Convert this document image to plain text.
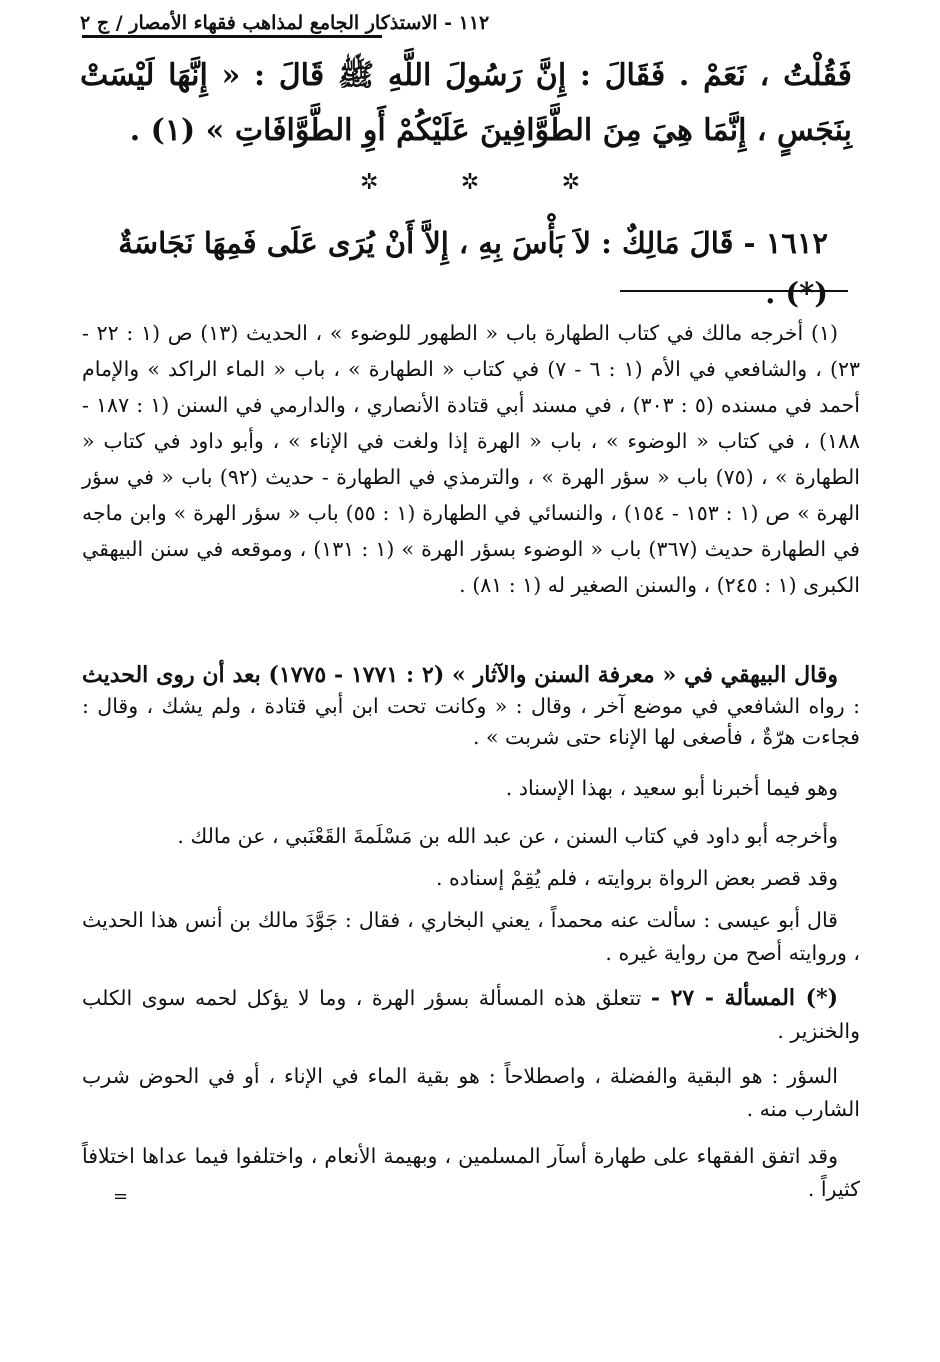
١١٢ - الاستذكار الجامع لمذاهب فقهاء الأمصار / ج ٢
فَقُلْتُ ، نَعَمْ . فَقَالَ : إِنَّ رَسُولَ اللَّهِ ﷺ قَالَ : « إِنَّهَا لَيْسَتْ بِنَجَسٍ ، إِنَّمَا هِيَ مِنَ الطَّوَّافِينَ عَلَيْكُمْ أَوِ الطَّوَّافَاتِ » (١) .
✲	✲	✲
١٦١٢ - قَالَ مَالِكٌ : لاَ بَأْسَ بِهِ ، إِلاَّ أَنْ يُرَى عَلَى فَمِهَا نَجَاسَةٌ (*) .

(١) أخرجه مالك في كتاب الطهارة باب « الطهور للوضوء » ، الحديث (١٣) ص (١ : ٢٢ - ٢٣) ، والشافعي في الأم (١ : ٦ - ٧) في كتاب « الطهارة » ، باب « الماء الراكد » والإمام أحمد في مسنده (٥ : ٣٠٣) ، في مسند أبي قتادة الأنصاري ، والدارمي في السنن (١ : ١٨٧ - ١٨٨) ، في كتاب « الوضوء » ، باب « الهرة إذا ولغت في الإناء » ، وأبو داود في كتاب « الطهارة » ، (٧٥) باب « سؤر الهرة » ، والترمذي في الطهارة - حديث (٩٢) باب « في سؤر الهرة » ص (١ : ١٥٣ - ١٥٤) ، والنسائي في الطهارة (١ : ٥٥) باب « سؤر الهرة » وابن ماجه في الطهارة حديث (٣٦٧) باب « الوضوء بسؤر الهرة » (١ : ١٣١) ، وموقعه في سنن البيهقي الكبرى (١ : ٢٤٥) ، والسنن الصغير له (١ : ٨١) .

وقال البيهقي في « معرفة السنن والآثار » (٢ : ١٧٧١ - ١٧٧٥) بعد أن روى الحديث : رواه الشافعي في موضع آخر ، وقال : « وكانت تحت ابن أبي قتادة ، ولم يشك ، وقال : فجاءت هرّةٌ ، فأصغى لها الإناء حتى شربت » .

وهو فيما أخبرنا أبو سعيد ، بهذا الإسناد .

وأخرجه أبو داود في كتاب السنن ، عن عبد الله بن مَسْلَمةَ القَعْنَبي ، عن مالك .

وقد قصر بعض الرواة بروايته ، فلم يُقِمْ إسناده .

قال أبو عيسى : سألت عنه محمداً ، يعني البخاري ، فقال : جَوَّدَ مالك بن أنس هذا الحديث ، وروايته أصح من رواية غيره .

(*) المسألة - ٢٧ - تتعلق هذه المسألة بسؤر الهرة ، وما لا يؤكل لحمه سوى الكلب والخنزير .

السؤر : هو البقية والفضلة ، واصطلاحاً : هو بقية الماء في الإناء ، أو في الحوض شرب الشارب منه .

وقد اتفق الفقهاء على طهارة أسآر المسلمين ، وبهيمة الأنعام ، واختلفوا فيما عداها اختلافاً كثيراً .

=
